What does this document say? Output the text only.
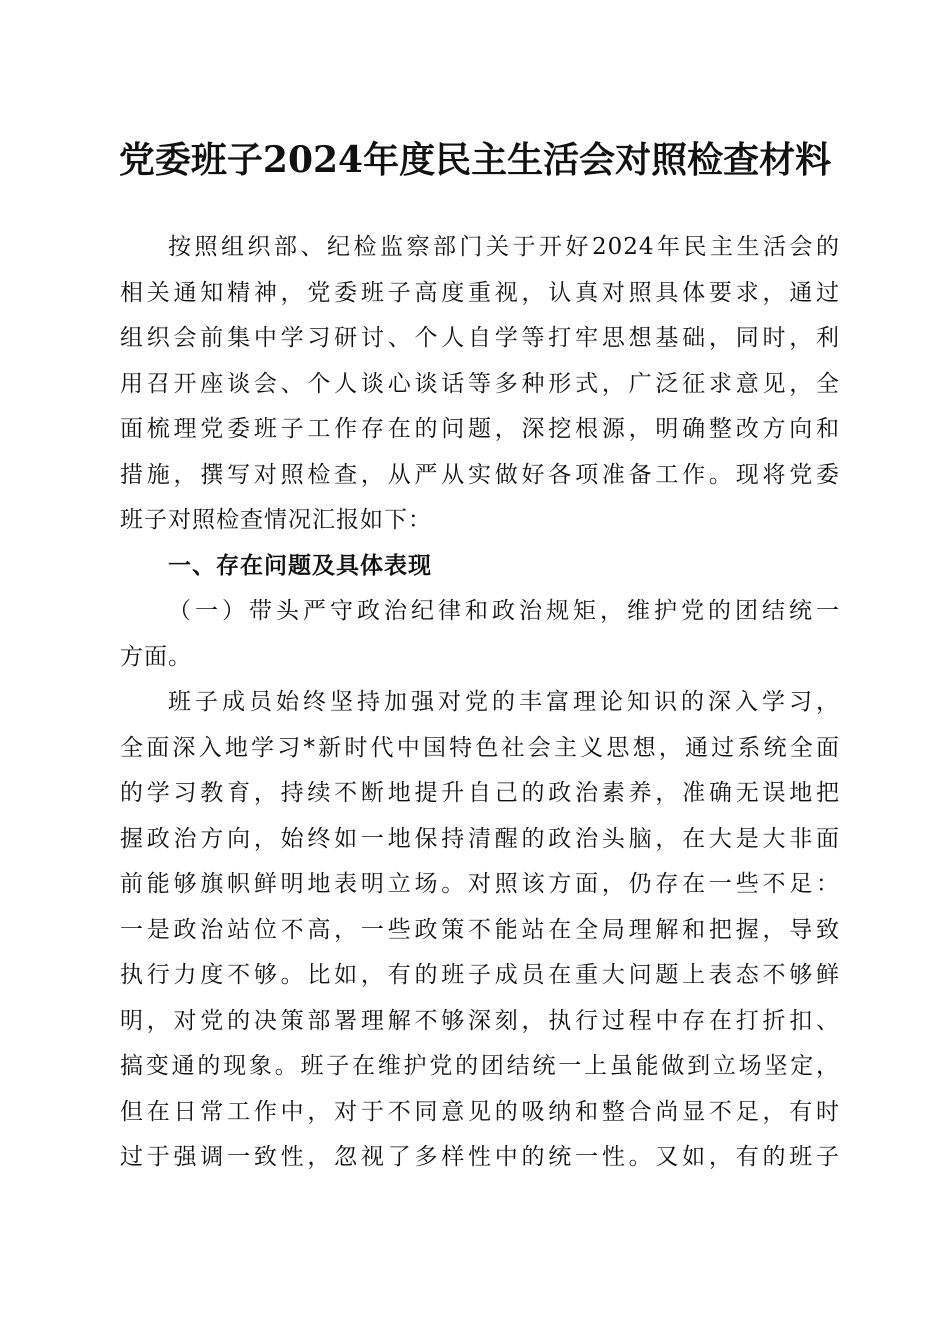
党委班子2024年度民主生活会对照检查材料
按照组织部、纪检监察部门关于开好2024年民主生活会的
相关通知精神，党委班子高度重视，认真对照具体要求，通过
组织会前集中学习研讨、个人自学等打牢思想基础，同时，利
用召开座谈会、个人谈心谈话等多种形式，广泛征求意见，全
面梳理党委班子工作存在的问题，深挖根源，明确整改方向和
措施，撰写对照检查，从严从实做好各项准备工作。现将党委
班子对照检查情况汇报如下：
一、存在问题及具体表现
（一）带头严守政治纪律和政治规矩，维护党的团结统一
方面。
班子成员始终坚持加强对党的丰富理论知识的深入学习，
全面深入地学习*新时代中国特色社会主义思想，通过系统全面
的学习教育，持续不断地提升自己的政治素养，准确无误地把
握政治方向，始终如一地保持清醒的政治头脑，在大是大非面
前能够旗帜鲜明地表明立场。对照该方面，仍存在一些不足：
一是政治站位不高，一些政策不能站在全局理解和把握，导致
执行力度不够。比如，有的班子成员在重大问题上表态不够鲜
明，对党的决策部署理解不够深刻，执行过程中存在打折扣、
搞变通的现象。班子在维护党的团结统一上虽能做到立场坚定，
但在日常工作中，对于不同意见的吸纳和整合尚显不足，有时
过于强调一致性，忽视了多样性中的统一性。又如，有的班子
